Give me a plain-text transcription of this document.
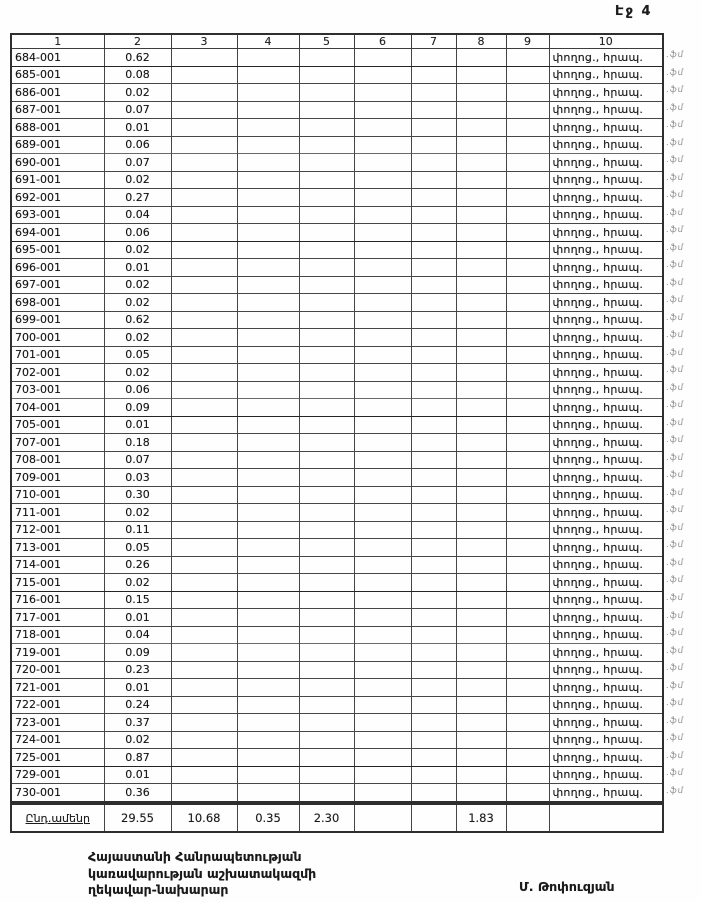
Էջ 4
1	2	3	4	5	6	7	8	9	10
684-001	0.62								փողոց., հրապ.
685-001	0.08								փողոց., հրապ.
686-001	0.02								փողոց., հրապ.
687-001	0.07								փողոց., հրապ.
688-001	0.01								փողոց., հրապ.
689-001	0.06								փողոց., հրապ.
690-001	0.07								փողոց., հրապ.
691-001	0.02								փողոց., հրապ.
692-001	0.27								փողոց., հրապ.
693-001	0.04								փողոց., հրապ.
694-001	0.06								փողոց., հրապ.
695-001	0.02								փողոց., հրապ.
696-001	0.01								փողոց., հրապ.
697-001	0.02								փողոց., հրապ.
698-001	0.02								փողոց., հրապ.
699-001	0.62								փողոց., հրապ.
700-001	0.02								փողոց., հրապ.
701-001	0.05								փողոց., հրապ.
702-001	0.02								փողոց., հրապ.
703-001	0.06								փողոց., հրապ.
704-001	0.09								փողոց., հրապ.
705-001	0.01								փողոց., հրապ.
707-001	0.18								փողոց., հրապ.
708-001	0.07								փողոց., հրապ.
709-001	0.03								փողոց., հրապ.
710-001	0.30								փողոց., հրապ.
711-001	0.02								փողոց., հրապ.
712-001	0.11								փողոց., հրապ.
713-001	0.05								փողոց., հրապ.
714-001	0.26								փողոց., հրապ.
715-001	0.02								փողոց., հրապ.
716-001	0.15								փողոց., հրապ.
717-001	0.01								փողոց., հրապ.
718-001	0.04								փողոց., հրապ.
719-001	0.09								փողոց., հրապ.
720-001	0.23								փողոց., հրապ.
721-001	0.01								փողոց., հրապ.
722-001	0.24								փողոց., հրապ.
723-001	0.37								փողոց., հրապ.
724-001	0.02								փողոց., հրապ.
725-001	0.87								փողոց., հրապ.
729-001	0.01								փողոց., հրապ.
730-001	0.36								փողոց., հրապ.
Ընդ.ամենը	29.55	10.68	0.35	2.30			1.83		
.ֆմ
.ֆմ
.ֆմ
.ֆմ
.ֆմ
.ֆմ
.ֆմ
.ֆմ
.ֆմ
.ֆմ
.ֆմ
.ֆմ
.ֆմ
.ֆմ
.ֆմ
.ֆմ
.ֆմ
.ֆմ
.ֆմ
.ֆմ
.ֆմ
.ֆմ
.ֆմ
.ֆմ
.ֆմ
.ֆմ
.ֆմ
.ֆմ
.ֆմ
.ֆմ
.ֆմ
.ֆմ
.ֆմ
.ֆմ
.ֆմ
.ֆմ
.ֆմ
.ֆմ
.ֆմ
.ֆմ
.ֆմ
.ֆմ
.ֆմ
Հայաստանի Հանրապետության
կառավարության աշխատակազմի
ղեկավար-նախարար	Մ. Թոփուզյան
